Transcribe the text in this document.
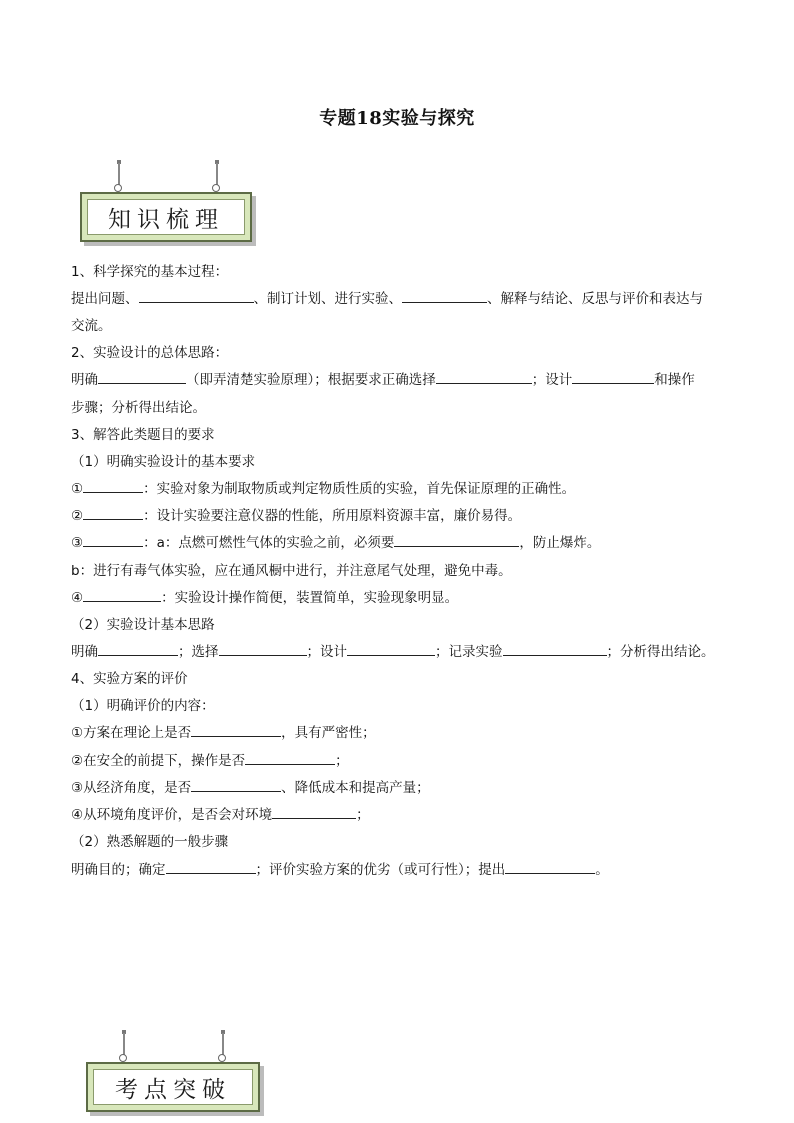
专题18实验与探究
知识梳理
1、科学探究的基本过程：
提出问题、	、制订计划、进行实验、	、解释与结论、反思与评价和表达与
交流。
2、实验设计的总体思路：
明确	（即弄清楚实验原理）；根据要求正确选择	；设计	和操作
步骤；分析得出结论。
3、解答此类题目的要求
（1）明确实验设计的基本要求
①	：实验对象为制取物质或判定物质性质的实验，首先保证原理的正确性。
②	：设计实验要注意仪器的性能，所用原料资源丰富，廉价易得。
③	：a：点燃可燃性气体的实验之前，必须要	，防止爆炸。
b：进行有毒气体实验，应在通风橱中进行，并注意尾气处理，避免中毒。
④	：实验设计操作简便，装置简单，实验现象明显。
（2）实验设计基本思路
明确	；选择	；设计	；记录实验	；分析得出结论。
4、实验方案的评价
（1）明确评价的内容：
①方案在理论上是否	，具有严密性；
②在安全的前提下，操作是否	；
③从经济角度，是否	、降低成本和提高产量；
④从环境角度评价，是否会对环境	；
（2）熟悉解题的一般步骤
明确目的；确定	；评价实验方案的优劣（或可行性）；提出	。
考点突破
